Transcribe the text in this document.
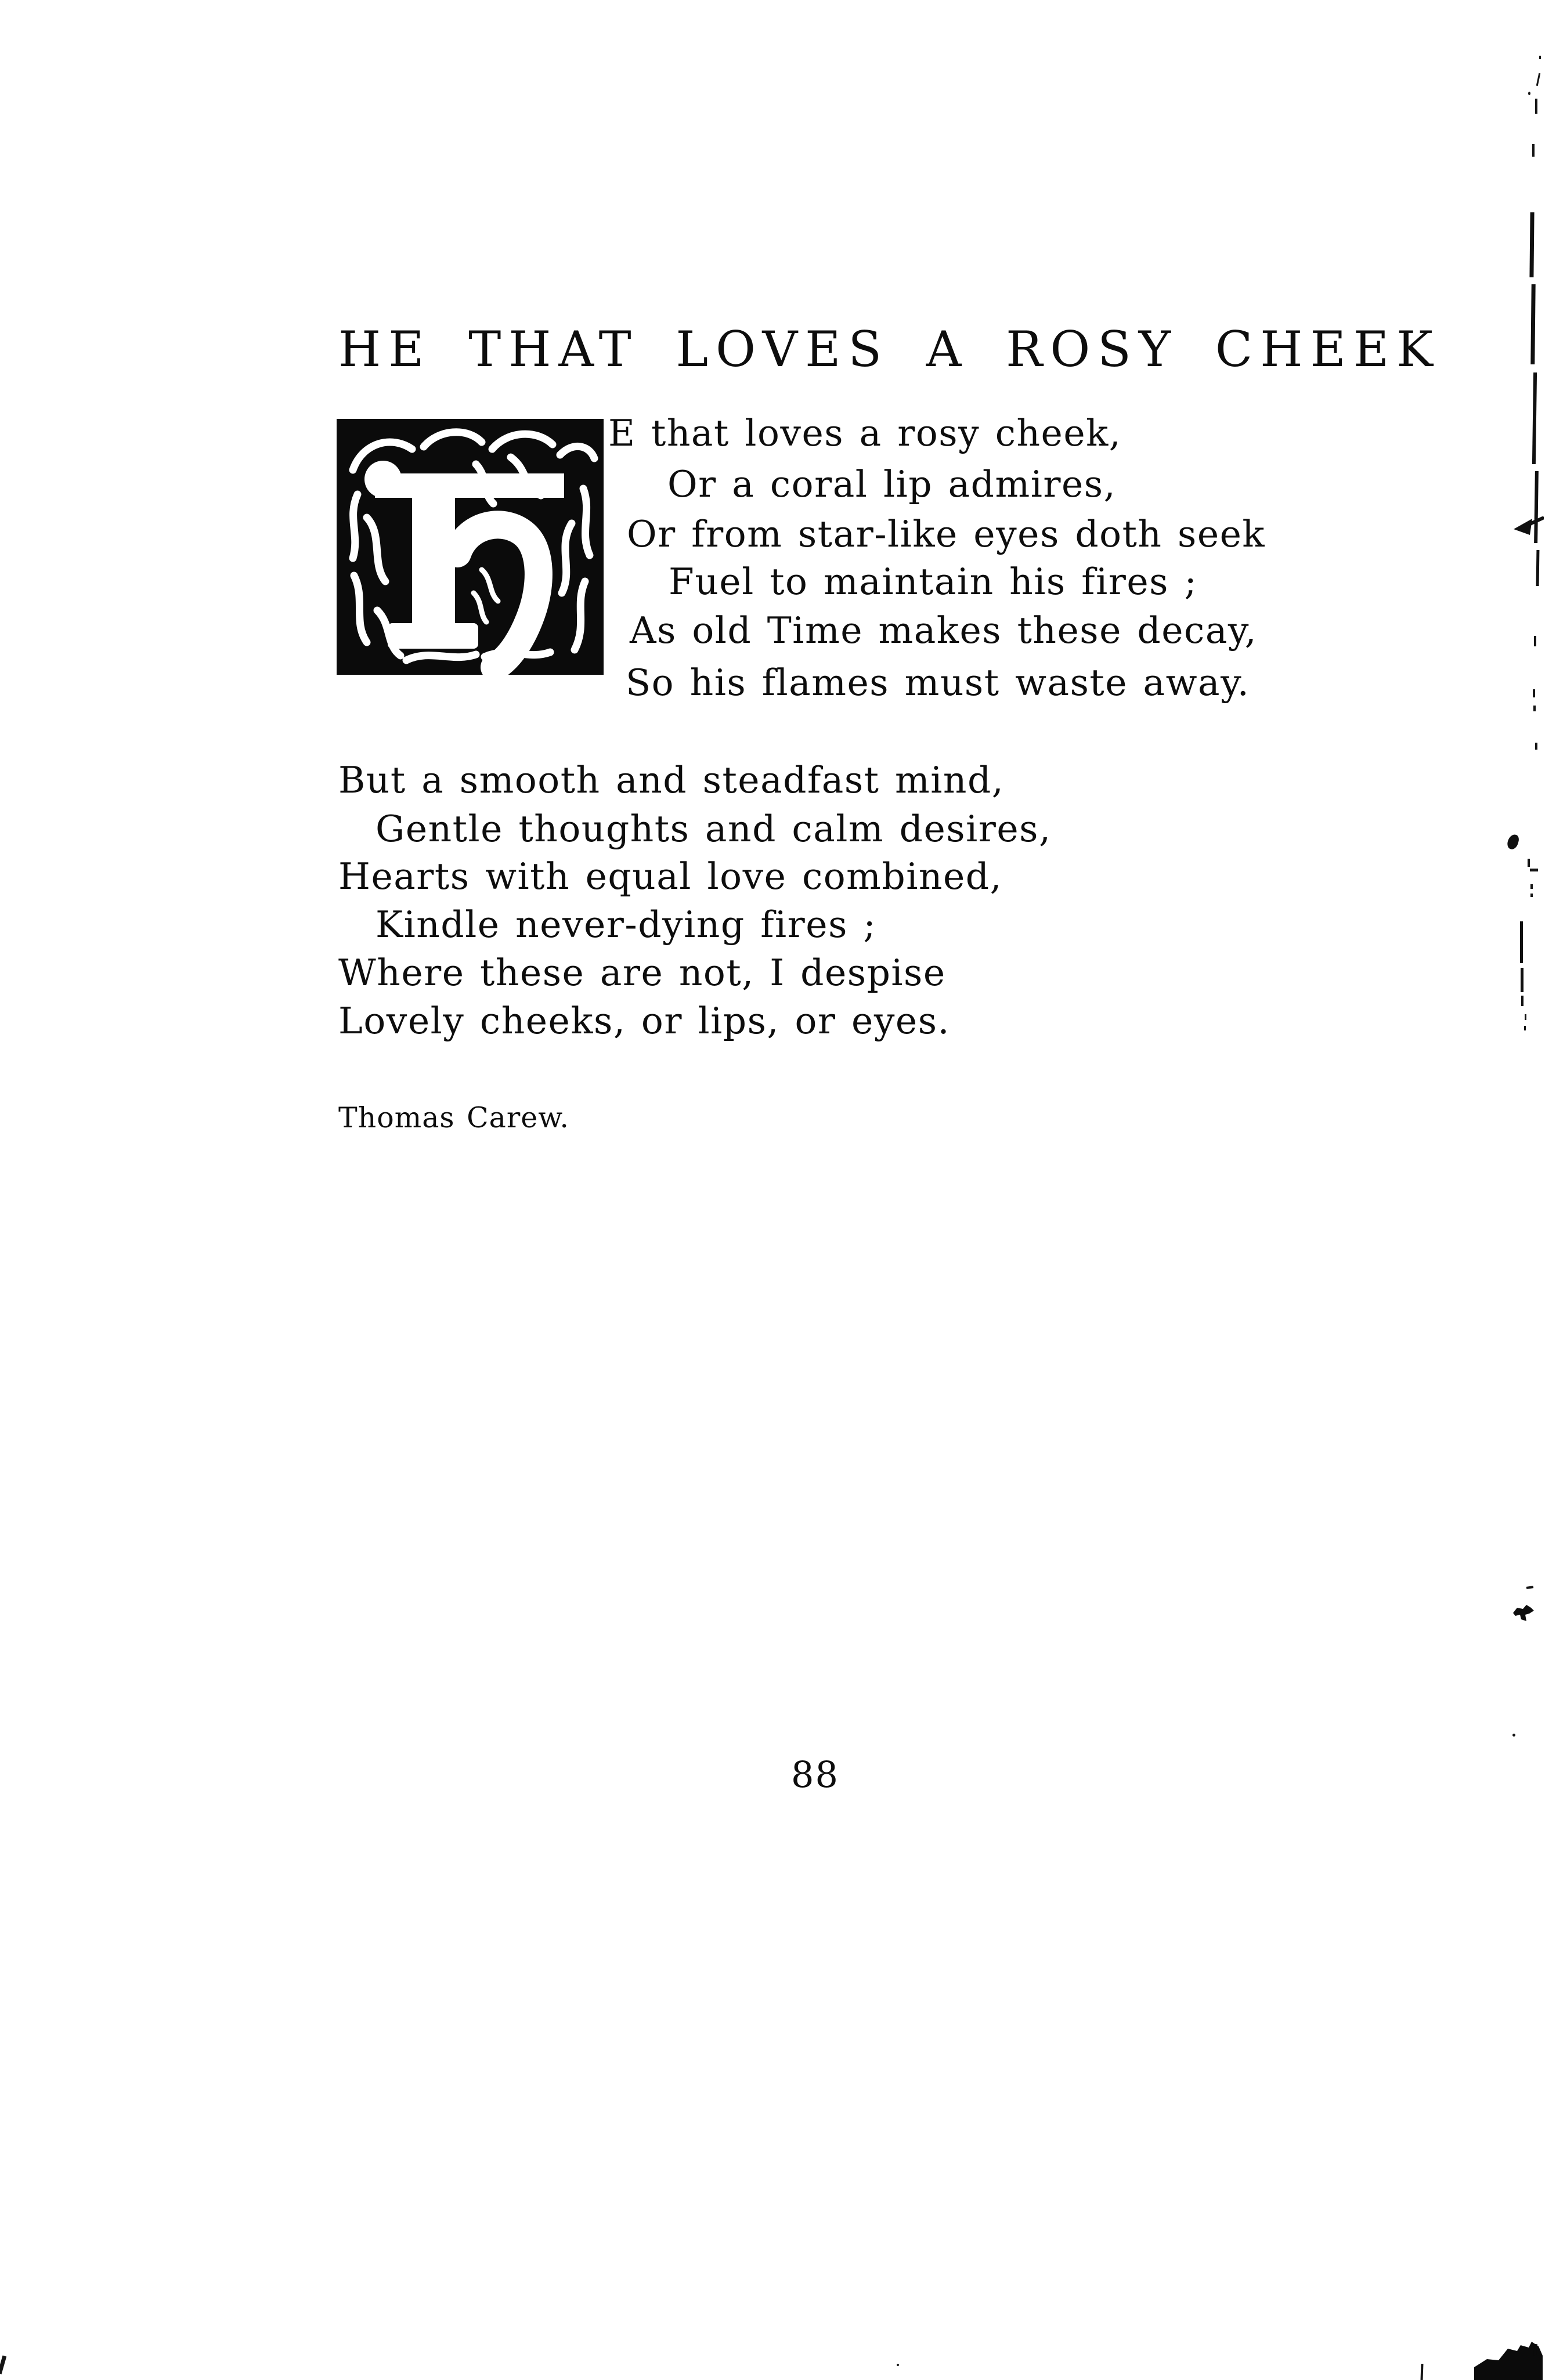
HE THAT LOVES A ROSY CHEEK
E that loves a rosy cheek,
Or a coral lip admires,
Or from star-like eyes doth seek
Fuel to maintain his fires ;
As old Time makes these decay,
So his flames must waste away.
But a smooth and steadfast mind,
Gentle thoughts and calm desires,
Hearts with equal love combined,
Kindle never-dying fires ;
Where these are not, I despise
Lovely cheeks, or lips, or eyes.
Thomas Carew.
88
